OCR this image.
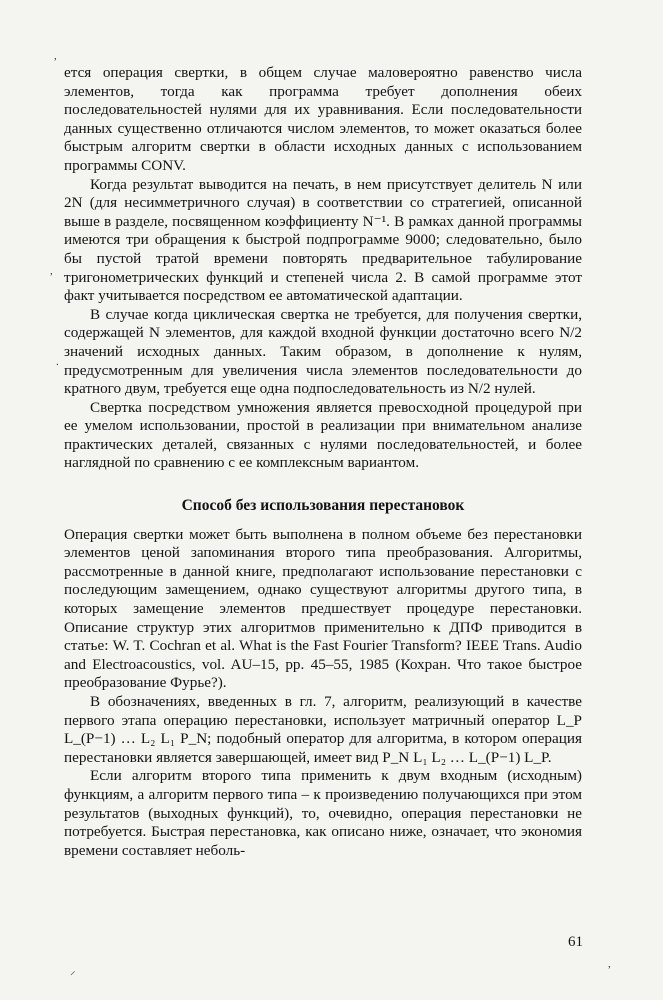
,
,
.
⸍
,

ется операция свертки, в общем случае маловероятно равенство числа элементов, тогда как программа требует дополнения обеих последовательностей нулями для их уравнивания. Если последовательности данных существенно отличаются числом элементов, то может оказаться более быстрым алгоритм свертки в области исходных данных с использованием программы CONV.

Когда результат выводится на печать, в нем присутствует делитель N или 2N (для несимметричного случая) в соответствии со стратегией, описанной выше в разделе, посвященном коэффициенту N⁻¹. В рамках данной программы имеются три обращения к быстрой подпрограмме 9000; следовательно, было бы пустой тратой времени повторять предварительное табулирование тригонометрических функций и степеней числа 2. В самой программе этот факт учитывается посредством ее автоматической адаптации.

В случае когда циклическая свертка не требуется, для получения свертки, содержащей N элементов, для каждой входной функции достаточно всего N/2 значений исходных данных. Таким образом, в дополнение к нулям, предусмотренным для увеличения числа элементов последовательности до кратного двум, требуется еще одна подпоследовательность из N/2 нулей.

Свертка посредством умножения является превосходной процедурой при ее умелом использовании, простой в реализации при внимательном анализе практических деталей, связанных с нулями последовательностей, и более наглядной по сравнению с ее комплексным вариантом.

Способ без использования перестановок

Операция свертки может быть выполнена в полном объеме без перестановки элементов ценой запоминания второго типа преобразования. Алгоритмы, рассмотренные в данной книге, предполагают использование перестановки с последующим замещением, однако существуют алгоритмы другого типа, в которых замещение элементов предшествует процедуре перестановки. Описание структур этих алгоритмов применительно к ДПФ приводится в статье: W. T. Cochran et al. What is the Fast Fourier Transform? IEEE Trans. Audio and Electroacoustics, vol. AU–15, pp. 45–55, 1985 (Кохран. Что такое быстрое преобразование Фурье?).

В обозначениях, введенных в гл. 7, алгоритм, реализующий в качестве первого этапа операцию перестановки, использует матричный оператор L_P L_(P−1) … L₂ L₁ P_N; подобный оператор для алгоритма, в котором операция перестановки является завершающей, имеет вид P_N L₁ L₂ … L_(P−1) L_P.

Если алгоритм второго типа применить к двум входным (исходным) функциям, а алгоритм первого типа – к произведению получающихся при этом результатов (выходных функций), то, очевидно, операция перестановки не потребуется. Быстрая перестановка, как описано ниже, означает, что экономия времени составляет неболь-

61
